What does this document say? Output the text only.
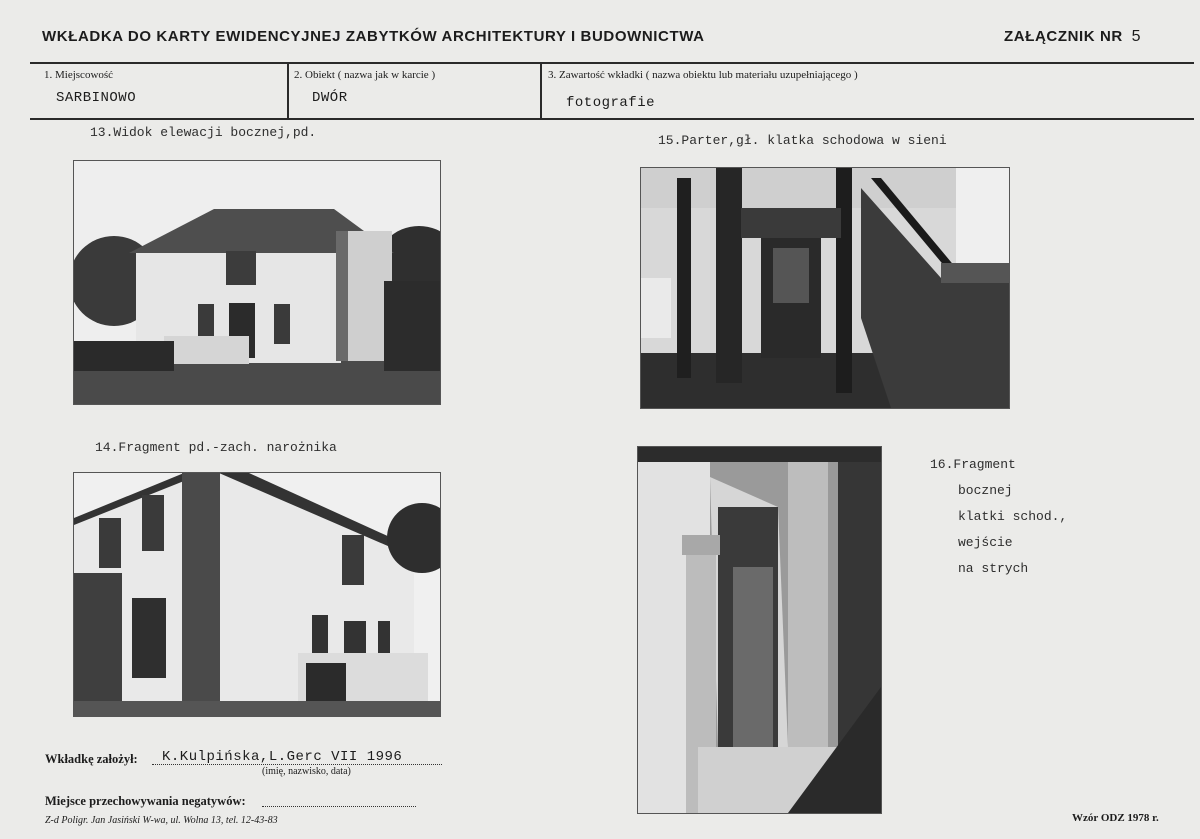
WKŁADKA DO KARTY EWIDENCYJNEJ ZABYTKÓW ARCHITEKTURY I BUDOWNICTWA	ZAŁĄCZNIK NR 5
1. Miejscowość
SARBINOWO
2. Obiekt ( nazwa jak w karcie )
DWÓR
3. Zawartość wkładki ( nazwa obiektu lub materiału uzupełniającego )
fotografie
13.Widok elewacji bocznej,pd.
15.Parter,gł. klatka schodowa w sieni
14.Fragment pd.-zach. narożnika
16.Fragment
bocznej
klatki schod.,
wejście
na strych
Wkładkę założył: K.Kulpińska,L.Gerc VII 1996
(imię, nazwisko, data)
Miejsce przechowywania negatywów:
Z-d Poligr. Jan Jasiński W-wa, ul. Wolna 13, tel. 12-43-83	Wzór ODZ 1978 r.
